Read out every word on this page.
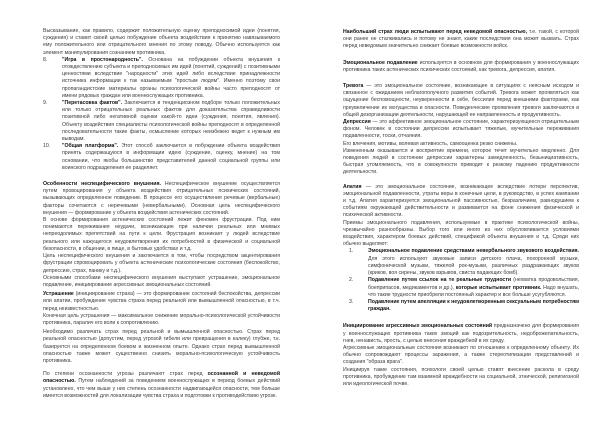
Высказывание, как правило, содержит положительную оценку преподносимой идеи (понятия, суждения) и ставит своей целью побуждение объекта воздействия к принятию навязываемого ему положительного или отрицательного мнения по этому поводу. Обычно используется как элемент манипулирования сознанием противника.
8.	"Игра в простонародность". Основана на побуждении объекта внушения к отождествлению субъекта и преподносимых им идей (понятий, суждений) с позитивными ценностями вследствие "народности" этих идей либо вследствие принадлежности источника информации к так называемым "простым людям". Именно поэтому свои пропагандистские материалы органы психологической войны часто преподносят от имени рядовых граждан или военнослужащих противника.
9.	"Перетасовка фактов". Заключается в тенденциозном подборе только положительных или только отрицательных реальных фактов для доказательства справедливости позитивной либо негативной оценки какой-то идеи (суждения, понятия, явления). Объекту воздействия специалисты психологической войны преподносят в определенной последовательности такие факты, осмысление которых неизбежно ведет к нужным им выводам.
10.	"Общая платформа". Этот способ заключается в побуждении объекта воздействия принять содержащуюся в информации идею (суждение, оценку, мнение) на том основании, что якобы большинство представителей данной социальной группы или воинского подразделения ее разделяет.
Особенности неспецифического внушения. Неспецифическое внушение осуществляется путем провоцирования у объекта воздействия отрицательных психических состояний, вызывающих определенное поведение. В процессе его осуществления речевые (вербальные) факторы сочетаются с неречевыми (невербальными). Основная цель неспецифического внушения — формирование у объекта воздействия астенических состояний.
В основе формирования астенических состояний лежит феномен фрустрации. Под ним понимаются переживания неудачи, возникающие при наличии реальных или мнимых непреодолимых препятствий на пути к цели. Фрустрация возникает у людей вследствие реального или кажущегося неудовлетворения их потребностей в физической и социальной безопасности, в общении, в пище, в бытовых удобствах и т.д.
Цель неспецифического внушения и заключается в том, чтобы посредством акцентирования фрустрации спровоцировать у объекта астенические психологические состояния (беспокойство, депрессию, страх, панику и т.д.).
Основными способами неспецифического внушения выступают устрашение, эмоциональное подавление, инициирование агрессивных эмоциональных состояний.
Устрашение (инициирование страха) — это формирование состояний беспокойства, депрессии или апатии, пробуждение чувства страха перед реальной или вымышленной опасностью, в т.ч. перед неизвестностью.
Конечная цель устрашения — максимальное снижение морально-психологической устойчивости противника, паралич его воли к сопротивлению.
Необходимо различать страх перед реальной и вымышленной опасностью. Страх перед реальной опасностью (допустим, перед угрозой гибели или превращения в калеку) глубже, т.к. базируется на определенном боевом и жизненном опыте. Однако страх перед вымышленной опасностью также может существенно снизить морально-психологическую устойчивость противника.
По степени осознанности угрозы различают страх перед осознанной и неведомой опасностью. Путем наблюдений за поведением военнослужащих в период боевых действий установлено, что чем выше у них степень осознанности надвигающейся опасности, тем больше имеется возможностей для локализации чувства страха и подготовки к противодействию угрозе.
Наибольший страх люди испытывают перед неведомой опасностью, т.е. такой, с которой они ранее не сталкивались и потому не знают, какие последствия она может вызвать. Страх перед неведомым значительно снижает боевые возможности войск.
Эмоциональное подавление используется в основном для формирования у военнослужащих противника таких астенических психических состояний, как тревога, депрессия, апатия.
Тревога — это эмоциональное состояние, возникающее в ситуациях с неясным исходом и связанное с ожиданием неблагополучного развития событий. Тревога может проявляться как ощущение беспомощности, неуверенности в себе, бессилия перед внешними факторами, как преувеличение их могущества и опасности. Поведенческие проявления тревоги заключаются в общей дезорганизации деятельности, нарушающей ее направленность и продуктивность.
Депрессия — это аффективное эмоциональное состояние, характеризующееся отрицательным фоном. Человек в состоянии депрессии испытывает тяжелые, мучительные переживания подавленности, тоски, отчаяния.
Его влечения, мотивы, волевая активность, самооценка резко снижены.
Измененным оказывается и восприятие времени, которое течет мучительно медленно. Для поведения людей в состоянии депрессии характерны замедленность, безынициативность, быстрая утомляемость, что в совокупности приводит к резкому падению продуктивности деятельности.
Апатия — это эмоциональное состояние, возникающее вследствие потери перспектив, эмоциональной подавленности, утраты веры в конечные цели, в руководство, в успех кампании и т.д. Апатия характеризуется эмоциональной пассивностью, безразличием, равнодушием к событиям окружающей действительности и развивается на фоне снижения физической и психической активности.
Приемы эмоционального подавления, используемые в практике психологической войны, чрезвычайно разнообразны. Выбор того или иного из них обусловливается условиями воздействия, характером боевых действий, спецификой объекта внушения и т.д. Среди них обычно выделяют:
1.	Эмоциональное подавление средствами невербального звукового воздействия. Для этого используют звуковые записи детского плача, похоронной музыки, симфонической музыки, тяжелой рок-музыки, различных раздражающих звуков (криков, воя сирены, звуков взрывов, свиста падающих бомб).
2.	Подавление путем ссылок на те реальные трудности (нехватка продовольствия, боеприпасов, медикаментов и др.), которые испытывает противник. Надо внушать, что такие трудности приобрели постоянный характер и все больше усугубляются.
3.	Подавление путем апелляции к неудовлетворенным сексуальным потребностям граждан.
Инициирование агрессивных эмоциональных состояний предназначено для формирования у военнослужащих противника таких эмоций как подозрительность, недоброжелательность, гнев, ненависть, ярость, с целью внесения враждебной в их среду.
Агрессивные эмоциональные состояния возникают по отношению к определенному объекту. Их обычно сопровождают процессы заражения, а также стереотипизации представлений и создания "образа врага".
Инициируя такие состояния, психологи своей целью ставят внесение раскола в среду противника, пробуждение там взаимной враждебности на социальной, этнической, религиозной или идеологической почве.
